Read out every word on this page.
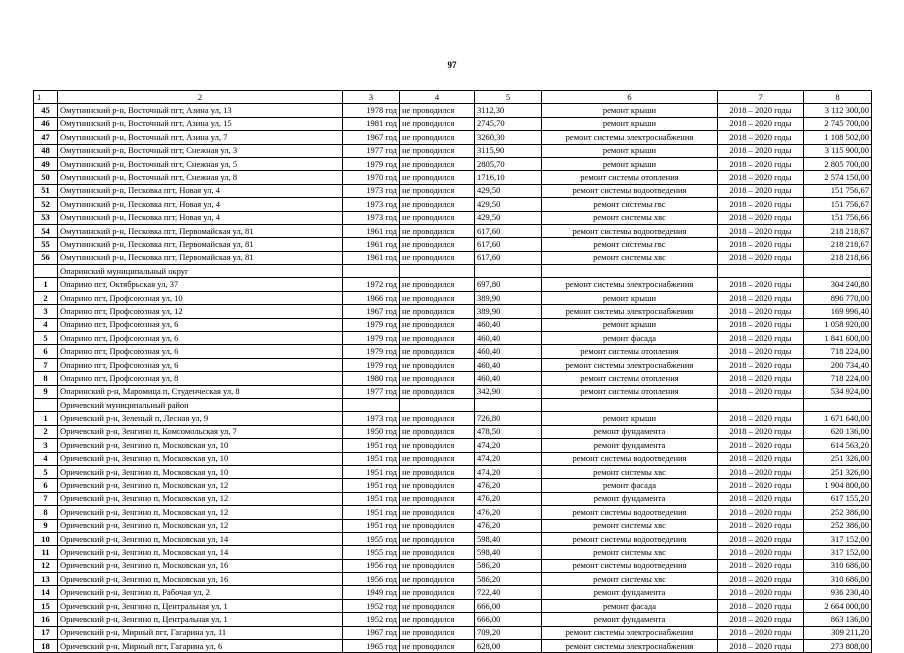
97
1	2	3	4	5	6	7	8
45	Омутнинский р-н, Восточный пгт, Азина ул, 13	1978 год	не проводился	3112,30	ремонт крыши	2018 – 2020 годы	3 112 300,00
46	Омутнинский р-н, Восточный пгт, Азина ул, 15	1981 год	не проводился	2745,70	ремонт крыши	2018 – 2020 годы	2 745 700,00
47	Омутнинский р-н, Восточный пгт, Азина ул, 7	1967 год	не проводился	3260,30	ремонт системы электроснабжения	2018 – 2020 годы	1 108 502,00
48	Омутнинский р-н, Восточный пгт, Снежная ул, 3	1977 год	не проводился	3115,90	ремонт крыши	2018 – 2020 годы	3 115 900,00
49	Омутнинский р-н, Восточный пгт, Снежная ул, 5	1979 год	не проводился	2805,70	ремонт крыши	2018 – 2020 годы	2 805 700,00
50	Омутнинский р-н, Восточный пгт, Снежная ул, 8	1970 год	не проводился	1716,10	ремонт системы отопления	2018 – 2020 годы	2 574 150,00
51	Омутнинский р-н, Песковка пгт, Новая ул, 4	1973 год	не проводился	429,50	ремонт системы водоотведения	2018 – 2020 годы	151 756,67
52	Омутнинский р-н, Песковка пгт, Новая ул, 4	1973 год	не проводился	429,50	ремонт системы гвс	2018 – 2020 годы	151 756,67
53	Омутнинский р-н, Песковка пгт, Новая ул, 4	1973 год	не проводился	429,50	ремонт системы хвс	2018 – 2020 годы	151 756,66
54	Омутнинский р-н, Песковка пгт, Первомайская ул, 81	1961 год	не проводился	617,60	ремонт системы водоотведения	2018 – 2020 годы	218 218,67
55	Омутнинский р-н, Песковка пгт, Первомайская ул, 81	1961 год	не проводился	617,60	ремонт системы гвс	2018 – 2020 годы	218 218,67
56	Омутнинский р-н, Песковка пгт, Первомайская ул, 81	1961 год	не проводился	617,60	ремонт системы хвс	2018 – 2020 годы	218 218,66
	Опаринский муниципальный округ						
1	Опарино пгт, Октябрьская ул, 37	1972 год	не проводился	697,80	ремонт системы электроснабжения	2018 – 2020 годы	304 240,80
2	Опарино пгт, Профсоюзная ул, 10	1966 год	не проводился	389,90	ремонт крыши	2018 – 2020 годы	896 770,00
3	Опарино пгт, Профсоюзная ул, 12	1967 год	не проводился	389,90	ремонт системы электроснабжения	2018 – 2020 годы	169 996,40
4	Опарино пгт, Профсоюзная ул, 6	1979 год	не проводился	460,40	ремонт крыши	2018 – 2020 годы	1 058 920,00
5	Опарино пгт, Профсоюзная ул, 6	1979 год	не проводился	460,40	ремонт фасада	2018 – 2020 годы	1 841 600,00
6	Опарино пгт, Профсоюзная ул, 6	1979 год	не проводился	460,40	ремонт системы отопления	2018 – 2020 годы	718 224,00
7	Опарино пгт, Профсоюзная ул, 6	1979 год	не проводился	460,40	ремонт системы электроснабжения	2018 – 2020 годы	200 734,40
8	Опарино пгт, Профсоюзная ул, 8	1980 год	не проводился	460,40	ремонт системы отопления	2018 – 2020 годы	718 224,00
9	Опаринский р-н, Маромица п, Студенческая ул, 8	1977 год	не проводился	342,90	ремонт системы отопления	2018 – 2020 годы	534 924,00
	Оричевский муниципальный район						
1	Оричевский р-н, Зеленый п, Лесная ул, 9	1973 год	не проводился	726,80	ремонт крыши	2018 – 2020 годы	1 671 640,00
2	Оричевский р-н, Зенгино п, Комсомольская ул, 7	1950 год	не проводился	478,50	ремонт фундамента	2018 – 2020 годы	620 136,00
3	Оричевский р-н, Зенгино п, Московская ул, 10	1951 год	не проводился	474,20	ремонт фундамента	2018 – 2020 годы	614 563,20
4	Оричевский р-н, Зенгино п, Московская ул, 10	1951 год	не проводился	474,20	ремонт системы водоотведения	2018 – 2020 годы	251 326,00
5	Оричевский р-н, Зенгино п, Московская ул, 10	1951 год	не проводился	474,20	ремонт системы хвс	2018 – 2020 годы	251 326,00
6	Оричевский р-н, Зенгино п, Московская ул, 12	1951 год	не проводился	476,20	ремонт фасада	2018 – 2020 годы	1 904 800,00
7	Оричевский р-н, Зенгино п, Московская ул, 12	1951 год	не проводился	476,20	ремонт фундамента	2018 – 2020 годы	617 155,20
8	Оричевский р-н, Зенгино п, Московская ул, 12	1951 год	не проводился	476,20	ремонт системы водоотведения	2018 – 2020 годы	252 386,00
9	Оричевский р-н, Зенгино п, Московская ул, 12	1951 год	не проводился	476,20	ремонт системы хвс	2018 – 2020 годы	252 386,00
10	Оричевский р-н, Зенгино п, Московская ул, 14	1955 год	не проводился	598,40	ремонт системы водоотведения	2018 – 2020 годы	317 152,00
11	Оричевский р-н, Зенгино п, Московская ул, 14	1955 год	не проводился	598,40	ремонт системы хвс	2018 – 2020 годы	317 152,00
12	Оричевский р-н, Зенгино п, Московская ул, 16	1956 год	не проводился	586,20	ремонт системы водоотведения	2018 – 2020 годы	310 686,00
13	Оричевский р-н, Зенгино п, Московская ул, 16	1956 год	не проводился	586,20	ремонт системы хвс	2018 – 2020 годы	310 686,00
14	Оричевский р-н, Зенгино п, Рабочая ул, 2	1949 год	не проводился	722,40	ремонт фундамента	2018 – 2020 годы	936 230,40
15	Оричевский р-н, Зенгино п, Центральная ул, 1	1952 год	не проводился	666,00	ремонт фасада	2018 – 2020 годы	2 664 000,00
16	Оричевский р-н, Зенгино п, Центральная ул, 1	1952 год	не проводился	666,00	ремонт фундамента	2018 – 2020 годы	863 136,00
17	Оричевский р-н, Мирный пгт, Гагарина ул, 11	1967 год	не проводился	709,20	ремонт системы электроснабжения	2018 – 2020 годы	309 211,20
18	Оричевский р-н, Мирный пгт, Гагарина ул, 6	1965 год	не проводился	628,00	ремонт системы электроснабжения	2018 – 2020 годы	273 808,00
